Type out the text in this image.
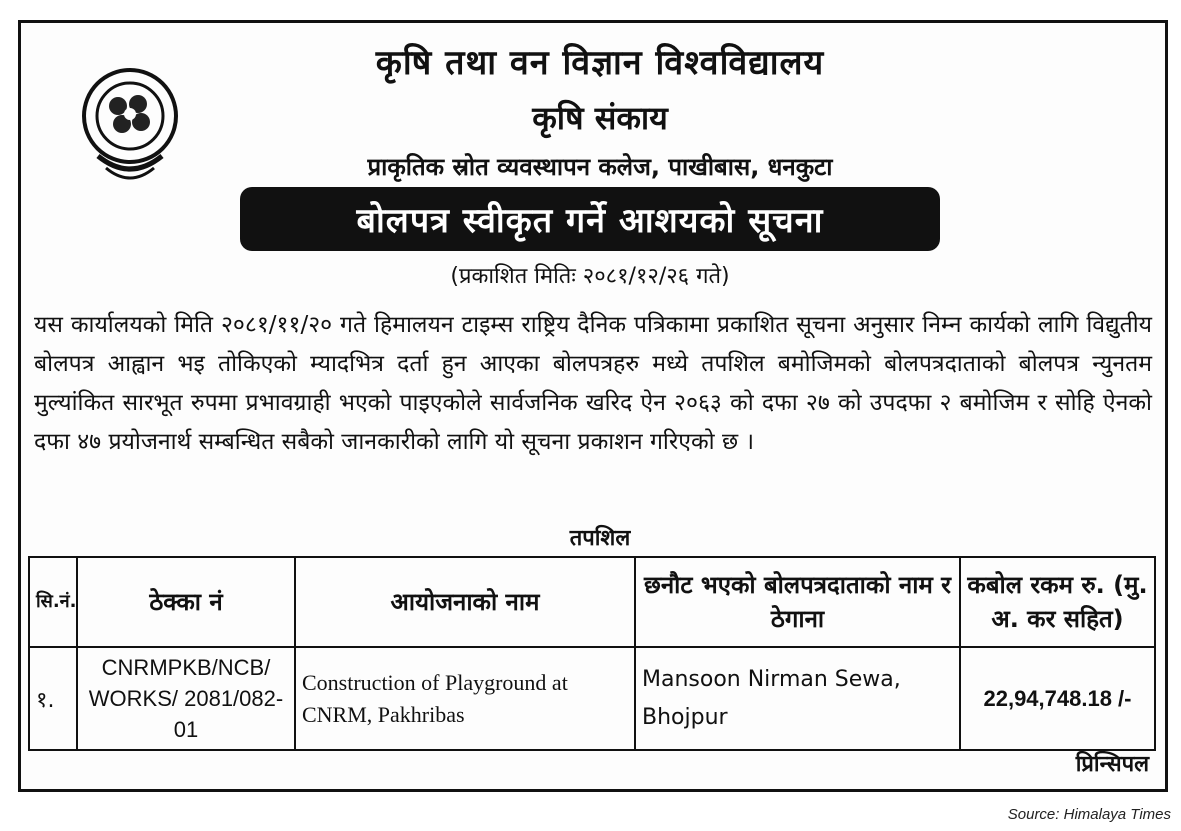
कृषि तथा वन विज्ञान विश्वविद्यालय
कृषि संकाय
प्राकृतिक स्रोत व्यवस्थापन कलेज, पाखीबास, धनकुटा
बोलपत्र स्वीकृत गर्ने आशयको सूचना
(प्रकाशित मितिः २०८१/१२/२६ गते)
यस कार्यालयको मिति २०८१/११/२० गते हिमालयन टाइम्स राष्ट्रिय दैनिक पत्रिकामा प्रकाशित सूचना अनुसार निम्न कार्यको लागि विद्युतीय बोलपत्र आह्वान भइ तोकिएको म्यादभित्र दर्ता हुन आएका बोलपत्रहरु मध्ये तपशिल बमोजिमको बोलपत्रदाताको बोलपत्र न्युनतम मुल्यांकित सारभूत रुपमा प्रभावग्राही भएको पाइएकोले सार्वजनिक खरिद ऐन २०६३ को दफा २७ को उपदफा २ बमोजिम र सोहि ऐनको दफा ४७ प्रयोजनार्थ सम्बन्धित सबैको जानकारीको लागि यो सूचना प्रकाशन गरिएको छ ।
तपशिल
सि.नं.	ठेक्का नं	आयोजनाको नाम	छनौट भएको बोलपत्रदाताको नाम र ठेगाना	कबोल रकम रु. (मु. अ. कर सहित)
१.	CNRMPKB/NCB/ WORKS/ 2081/082-01	Construction of Playground at CNRM, Pakhribas	Mansoon Nirman Sewa, Bhojpur	22,94,748.18 /-
प्रिन्सिपल
Source: Himalaya Times
